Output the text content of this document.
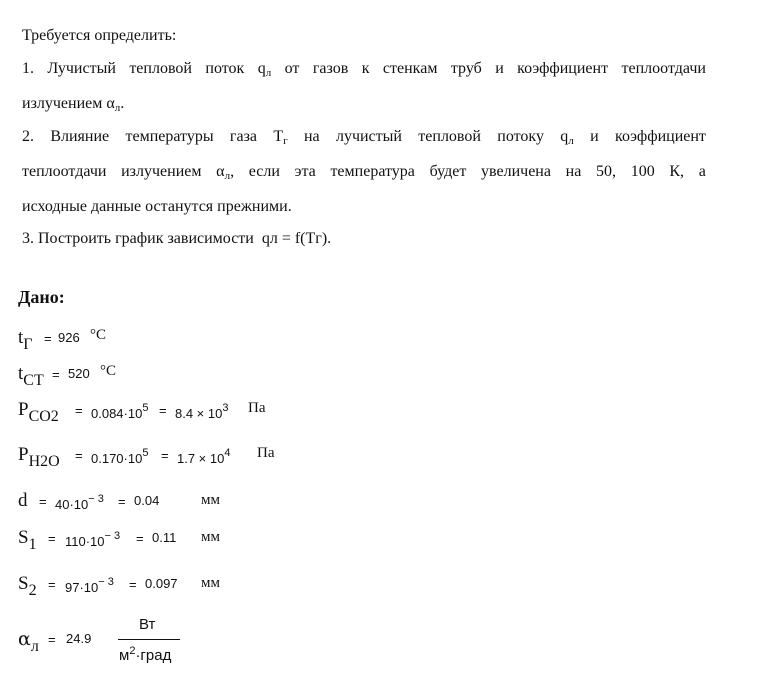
Требуется определить:
1. Лучистый тепловой поток qл от газов к стенкам труб и коэффициент теплоотдачи
излучением αл.
2. Влияние температуры газа Тг на лучистый тепловой потоку qл и коэффициент
теплоотдачи излучением αл, если эта температура будет увеличена на 50, 100 К, а
исходные данные останутся прежними.
3. Построить график зависимости qл = f(Тг).
Дано:
$t_Г = 926$ °C
$t_{СТ} = 520$ °C
$P_{CO2} = 0.084\cdot 10^5 = 8.4 \times 10^3$ Па
$P_{H2O} = 0.170\cdot 10^5 = 1.7 \times 10^4$ Па
$d = 40\cdot 10^{- 3} = 0.04$	мм
$S_1 = 110\cdot 10^{- 3} = 0.11$ мм
$S_2 = 97\cdot 10^{- 3} = 0.097$ мм
$\alpha_л = 24.9$
Вт
$м^2\cdot град$
